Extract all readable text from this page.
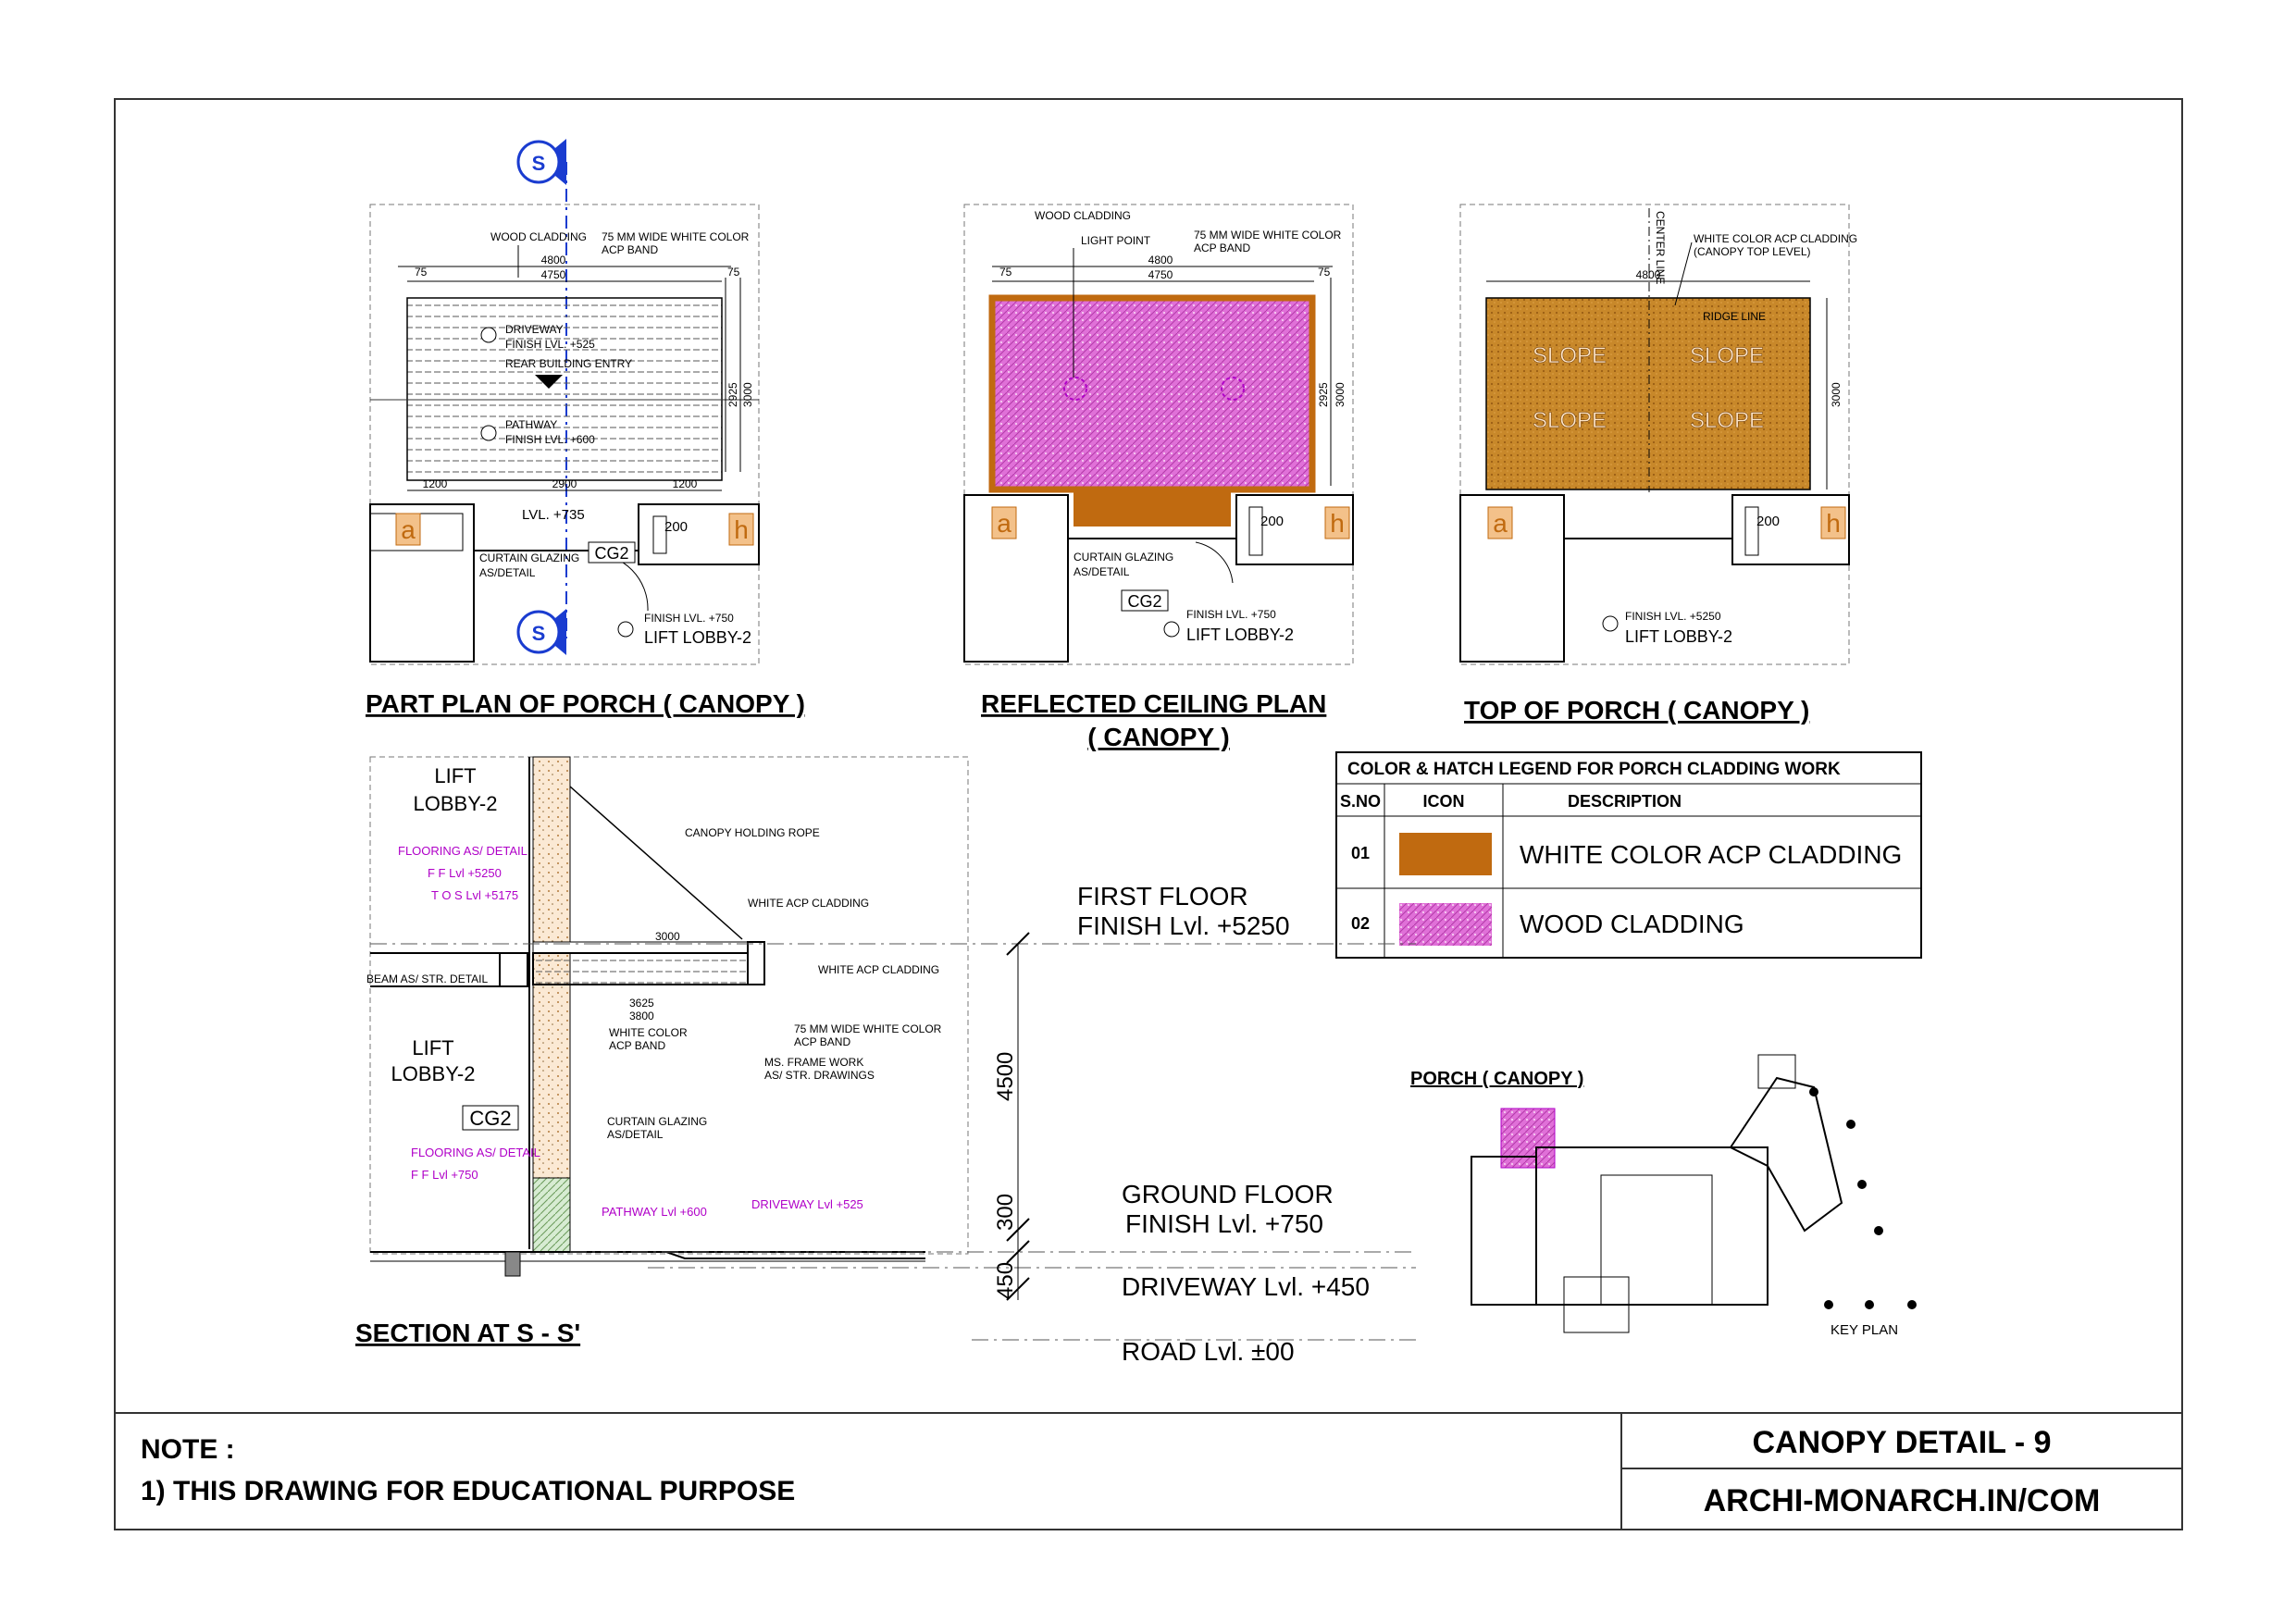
S
S
4800
4750
75	75
1200	2900	1200
3000
2925
WOOD CLADDING 75 MM WIDE WHITE COLOR ACP BAND
DRIVEWAY
FINISH LVL. +525
REAR BUILDING ENTRY
PATHWAY
FINISH LVL. +600
a	h
200
LVL. +735
CURTAIN GLAZING
AS/DETAIL
CG2
FINISH LVL. +750
LIFT LOBBY-2
PART PLAN OF PORCH ( CANOPY )
4800
4750
75	75
3000
2925
WOOD CLADDING
LIGHT POINT	75 MM WIDE WHITE COLOR ACP BAND
a	h
200
CURTAIN GLAZING
AS/DETAIL
CG2
FINISH LVL. +750
LIFT LOBBY-2
REFLECTED CEILING PLAN
( CANOPY )
4800
3000
CENTER LINE WHITE COLOR ACP CLADDING (CANOPY TOP LEVEL)
RIDGE LINE
SLOPE	SLOPE
SLOPE	SLOPE
a	h
200
FINISH LVL. +5250
LIFT LOBBY-2
TOP OF PORCH ( CANOPY )
COLOR & HATCH LEGEND FOR PORCH CLADDING WORK
S.NO	ICON	DESCRIPTION
01	WHITE COLOR ACP CLADDING
02	WOOD CLADDING
4500
300
450
LIFT
LOBBY-2
CANOPY HOLDING ROPE
FLOORING AS/ DETAIL
F F Lvl +5250
T O S Lvl +5175
WHITE ACP CLADDING
WHITE ACP CLADDING
BEAM AS/ STR. DETAIL
3000
3625
3800
WHITE COLOR ACP BAND
75 MM WIDE WHITE COLOR ACP BAND
MS. FRAME WORK AS/ STR. DRAWINGS
LIFT
LOBBY-2
CG2	CURTAIN GLAZING AS/DETAIL
FLOORING AS/ DETAIL
F F Lvl +750
PATHWAY Lvl +600
DRIVEWAY Lvl +525
FIRST FLOOR
FINISH Lvl. +5250
GROUND FLOOR
FINISH Lvl. +750
DRIVEWAY Lvl. +450
ROAD Lvl. ±00
SECTION AT S - S'
PORCH ( CANOPY )
KEY PLAN
NOTE :
1) THIS DRAWING FOR EDUCATIONAL PURPOSE
CANOPY DETAIL - 9
ARCHI-MONARCH.IN/COM
